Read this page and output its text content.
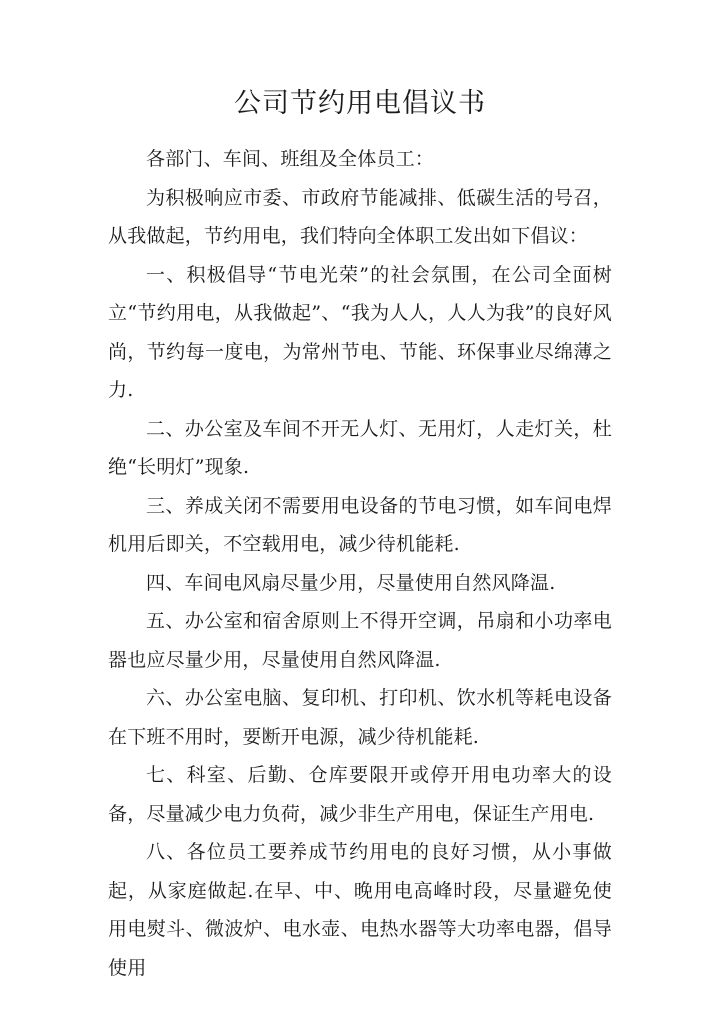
公司节约用电倡议书

各部门、车间、班组及全体员工：

为积极响应市委、市政府节能减排、低碳生活的号召，从我做起，节约用电，我们特向全体职工发出如下倡议：

一、积极倡导“节电光荣”的社会氛围，在公司全面树立“节约用电，从我做起”、“我为人人，人人为我”的良好风尚，节约每一度电，为常州节电、节能、环保事业尽绵薄之力.

二、办公室及车间不开无人灯、无用灯，人走灯关，杜绝“长明灯”现象.

三、养成关闭不需要用电设备的节电习惯，如车间电焊机用后即关，不空载用电，减少待机能耗.

四、车间电风扇尽量少用，尽量使用自然风降温.

五、办公室和宿舍原则上不得开空调，吊扇和小功率电器也应尽量少用，尽量使用自然风降温.

六、办公室电脑、复印机、打印机、饮水机等耗电设备在下班不用时，要断开电源，减少待机能耗.

七、科室、后勤、仓库要限开或停开用电功率大的设备，尽量减少电力负荷，减少非生产用电，保证生产用电.

八、各位员工要养成节约用电的良好习惯，从小事做起，从家庭做起.在早、中、晚用电高峰时段，尽量避免使用电熨斗、微波炉、电水壶、电热水器等大功率电器，倡导使用
